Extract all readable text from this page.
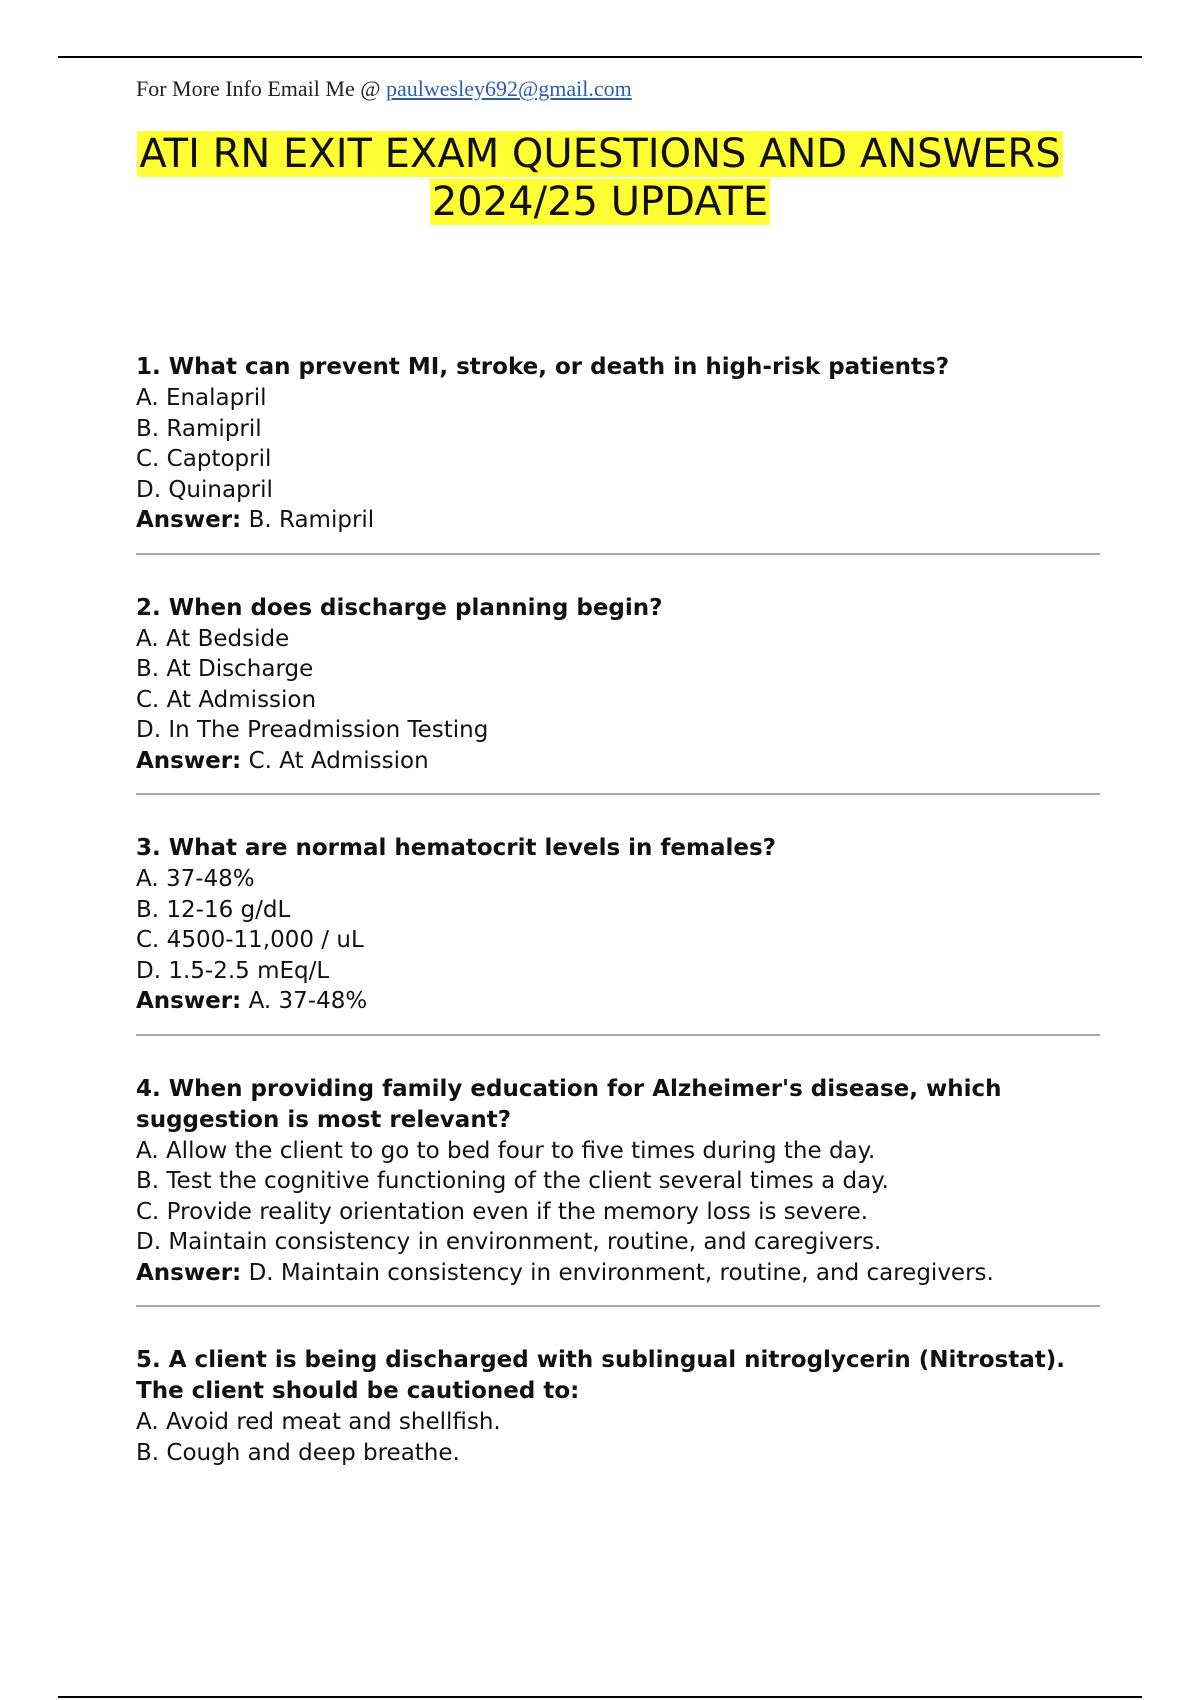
For More Info Email Me @ paulwesley692@gmail.com
ATI RN EXIT EXAM QUESTIONS AND ANSWERS
2024/25 UPDATE

1. What can prevent MI, stroke, or death in high-risk patients?

A. Enalapril

B. Ramipril

C. Captopril

D. Quinapril

Answer: B. Ramipril

2. When does discharge planning begin?

A. At Bedside

B. At Discharge

C. At Admission

D. In The Preadmission Testing

Answer: C. At Admission

3. What are normal hematocrit levels in females?

A. 37-48%

B. 12-16 g/dL

C. 4500-11,000 / uL

D. 1.5-2.5 mEq/L

Answer: A. 37-48%

4. When providing family education for Alzheimer's disease, which suggestion is most relevant?

A. Allow the client to go to bed four to five times during the day.

B. Test the cognitive functioning of the client several times a day.

C. Provide reality orientation even if the memory loss is severe.

D. Maintain consistency in environment, routine, and caregivers.

Answer: D. Maintain consistency in environment, routine, and caregivers.

5. A client is being discharged with sublingual nitroglycerin (Nitrostat). The client should be cautioned to:

A. Avoid red meat and shellfish.

B. Cough and deep breathe.
